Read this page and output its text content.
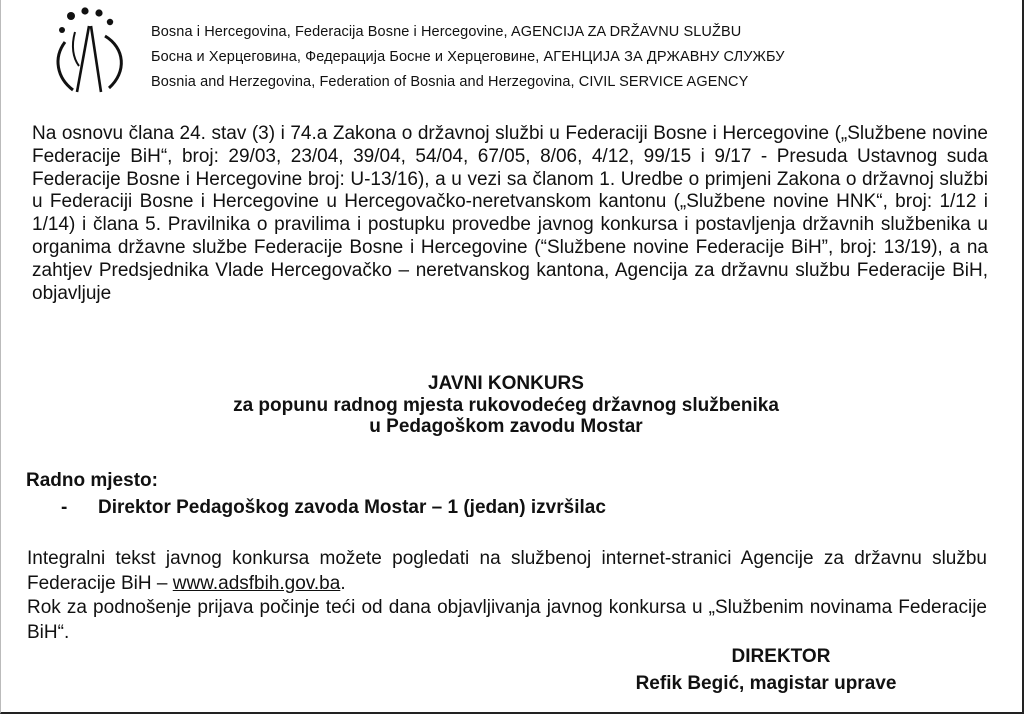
Bosna i Hercegovina, Federacija Bosne i Hercegovine, AGENCIJA ZA DRŽAVNU SLUŽBU
Босна и Херцеговина, Федерација Босне и Херцеговине, АГЕНЦИЈА ЗА ДРЖАВНУ СЛУЖБУ
Bosnia and Herzegovina, Federation of Bosnia and Herzegovina, CIVIL SERVICE AGENCY

Na osnovu člana 24. stav (3) i 74.a Zakona o državnoj službi u Federaciji Bosne i Hercegovine („Službene novine Federacije BiH“, broj: 29/03, 23/04, 39/04, 54/04, 67/05, 8/06, 4/12, 99/15 i 9/17 - Presuda Ustavnog suda Federacije Bosne i Hercegovine broj: U-13/16), a u vezi sa članom 1. Uredbe o primjeni Zakona o državnoj službi u Federaciji Bosne i Hercegovine u Hercegovačko-neretvanskom kantonu („Službene novine HNK“, broj: 1/12 i 1/14) i člana 5. Pravilnika o pravilima i postupku provedbe javnog konkursa i postavljenja državnih službenika u organima državne službe Federacije Bosne i Hercegovine (“Službene novine Federacije BiH”, broj: 13/19), a na zahtjev Predsjednika Vlade Hercegovačko – neretvanskog kantona, Agencija za državnu službu Federacije BiH, objavljuje

JAVNI KONKURS
za popunu radnog mjesta rukovodećeg državnog službenika
u Pedagoškom zavodu Mostar
Radno mjesto:
- Direktor Pedagoškog zavoda Mostar – 1 (jedan) izvršilac

Integralni tekst javnog konkursa možete pogledati na službenoj internet-stranici Agencije za državnu službu Federacije BiH – www.adsfbih.gov.ba.

Rok za podnošenje prijava počinje teći od dana objavljivanja javnog konkursa u „Službenim novinama Federacije BiH“.

DIREKTOR
Refik Begić, magistar uprave
